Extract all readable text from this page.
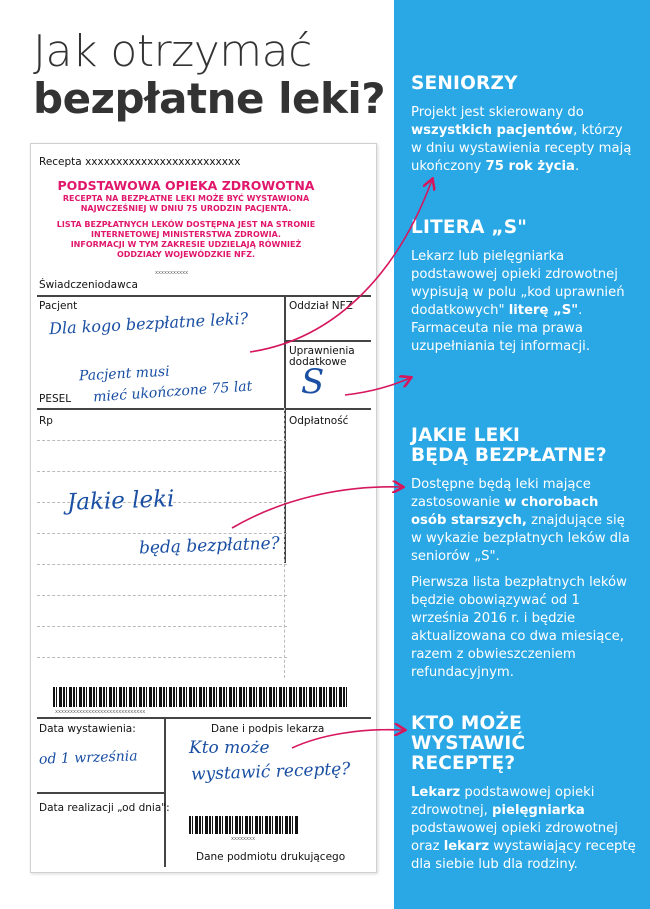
Jak otrzymać
bezpłatne leki?
Recepta xxxxxxxxxxxxxxxxxxxxxxxxx
PODSTAWOWA OPIEKA ZDROWOTNA
RECEPTA NA BEZPŁATNE LEKI MOŻE BYĆ WYSTAWIONA
NAJWCZEŚNIEJ W DNIU 75 URODZIN PACJENTA.
LISTA BEZPŁATNYCH LEKÓW DOSTĘPNA JEST NA STRONIE
INTERNETOWEJ MINISTERSTWA ZDROWIA.
INFORMACJI W TYM ZAKRESIE UDZIELAJĄ RÓWNIEŻ
ODDZIAŁY WOJEWÓDZKIE NFZ.
xxxxxxxxxxx
Świadczeniodawca
Pacjent	Oddział NFZ
Uprawnienia
dodatkowe
PESEL
Rp	Odpłatność
xxxxxxxxxxxxxxxxxxxxxxxxxxxxxx
Data wystawienia:	Dane i podpis lekarza
Data realizacji „od dnia":
xxxxxxxx
Dane podmiotu drukującego
Dla kogo bezpłatne leki?
Pacjent musi
mieć ukończone 75 lat S
Jakie leki
będą bezpłatne?
od 1 września	Kto może
wystawić receptę?
SENIORZY

Projekt jest skierowany do wszystkich pacjentów, którzy w dniu wystawienia recepty mają ukończony 75 rok życia.

LITERA „S"

Lekarz lub pielęgniarka podstawowej opieki zdrowotnej wypisują w polu „kod uprawnień dodatkowych" literę „S". Farmaceuta nie ma prawa uzupełniania tej informacji.

JAKIE LEKI
BĘDĄ BEZPŁATNE?

Dostępne będą leki mające zastosowanie w chorobach osób starszych, znajdujące się w wykazie bezpłatnych leków dla seniorów „S".

Pierwsza lista bezpłatnych leków będzie obowiązywać od 1 września 2016 r. i będzie aktualizowana co dwa miesiące, razem z obwieszczeniem refundacyjnym.

KTO MOŻE
WYSTAWIĆ RECEPTĘ?

Lekarz podstawowej opieki zdrowotnej, pielęgniarka podstawowej opieki zdrowotnej oraz lekarz wystawiający receptę dla siebie lub dla rodziny.
